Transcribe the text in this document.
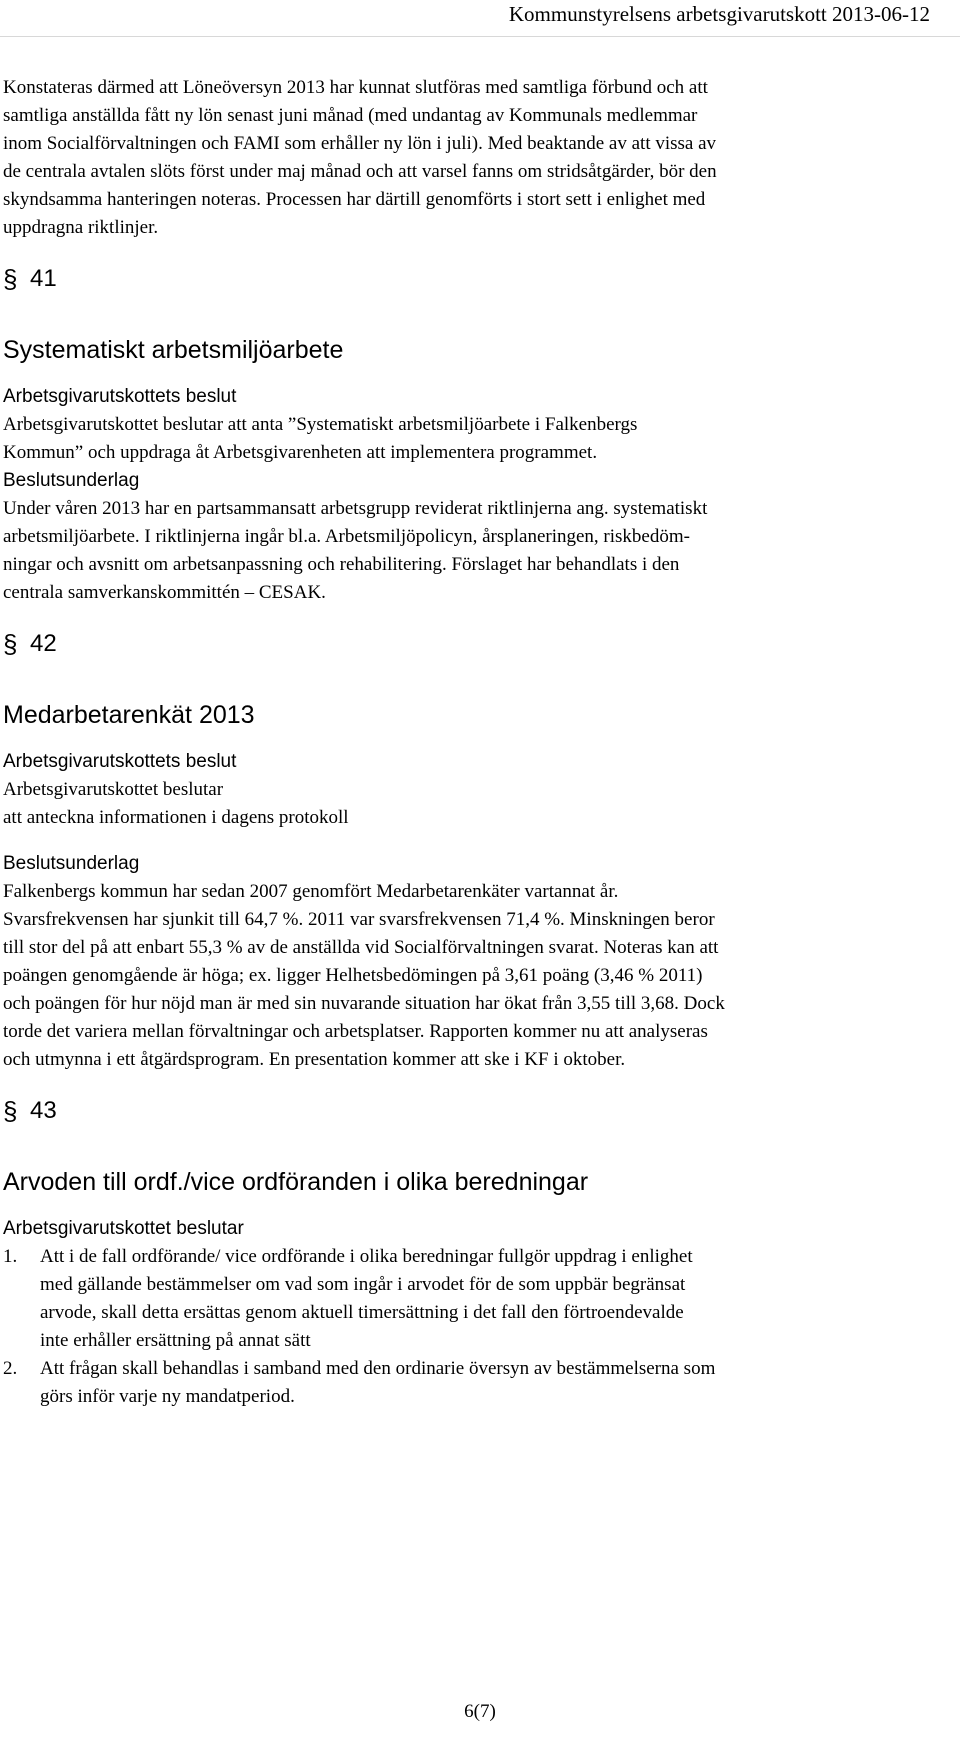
Kommunstyrelsens arbetsgivarutskott 2013-06-12

Konstateras därmed att Löneöversyn 2013 har kunnat slutföras med samtliga förbund och att

samtliga anställda fått ny lön senast juni månad (med undantag av Kommunals medlemmar

inom Socialförvaltningen och FAMI som erhåller ny lön i juli). Med beaktande av att vissa av

de centrala avtalen slöts först under maj månad och att varsel fanns om stridsåtgärder, bör den

skyndsamma hanteringen noteras. Processen har därtill genomförts i stort sett i enlighet med

uppdragna riktlinjer.

§ 41
Systematiskt arbetsmiljöarbete
Arbetsgivarutskottets beslut

Arbetsgivarutskottet beslutar att anta ”Systematiskt arbetsmiljöarbete i Falkenbergs

Kommun” och uppdraga åt Arbetsgivarenheten att implementera programmet.

Beslutsunderlag

Under våren 2013 har en partsammansatt arbetsgrupp reviderat riktlinjerna ang. systematiskt

arbetsmiljöarbete. I riktlinjerna ingår bl.a. Arbetsmiljöpolicyn, årsplaneringen, riskbedöm-

ningar och avsnitt om arbetsanpassning och rehabilitering. Förslaget har behandlats i den

centrala samverkanskommittén – CESAK.

§ 42
Medarbetarenkät 2013
Arbetsgivarutskottets beslut

Arbetsgivarutskottet beslutar

att anteckna informationen i dagens protokoll

Beslutsunderlag

Falkenbergs kommun har sedan 2007 genomfört Medarbetarenkäter vartannat år.

Svarsfrekvensen har sjunkit till 64,7 %. 2011 var svarsfrekvensen 71,4 %. Minskningen beror

till stor del på att enbart 55,3 % av de anställda vid Socialförvaltningen svarat. Noteras kan att

poängen genomgående är höga; ex. ligger Helhetsbedömingen på 3,61 poäng (3,46 % 2011)

och poängen för hur nöjd man är med sin nuvarande situation har ökat från 3,55 till 3,68. Dock

torde det variera mellan förvaltningar och arbetsplatser. Rapporten kommer nu att analyseras

och utmynna i ett åtgärdsprogram. En presentation kommer att ske i KF i oktober.

§ 43
Arvoden till ordf./vice ordföranden i olika beredningar
Arbetsgivarutskottet beslutar
1.	Att i de fall ordförande/ vice ordförande i olika beredningar fullgör uppdrag i enlighet

med gällande bestämmelser om vad som ingår i arvodet för de som uppbär begränsat

arvode, skall detta ersättas genom aktuell timersättning i det fall den förtroendevalde

inte erhåller ersättning på annat sätt

2.	Att frågan skall behandlas i samband med den ordinarie översyn av bestämmelserna som

görs inför varje ny mandatperiod.

6(7)
